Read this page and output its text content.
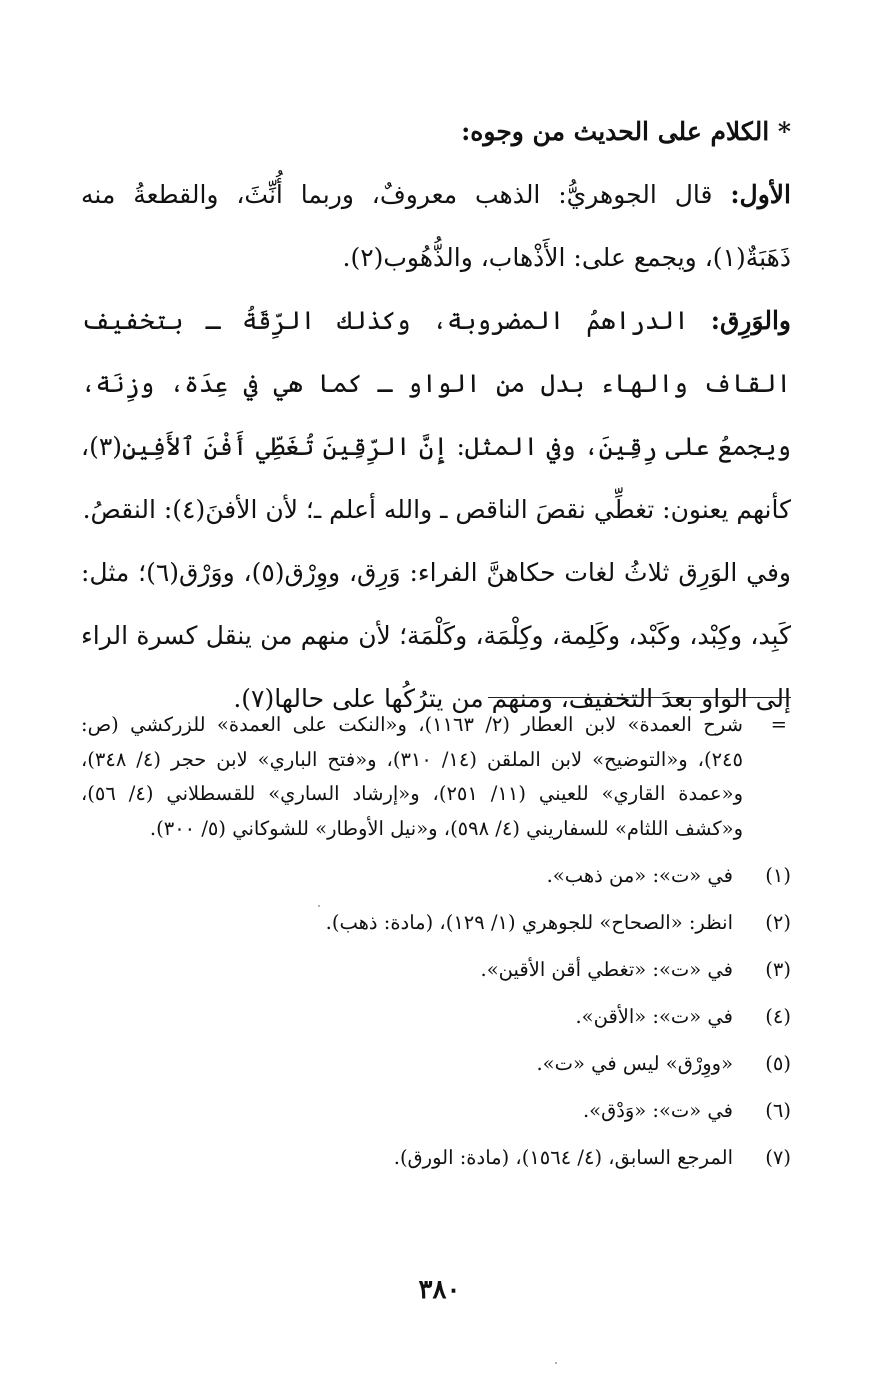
* الكلام على الحديث من وجوه:

الأول: قال الجوهريُّ: الذهب معروفٌ، وربما أُنِّثَ، والقطعةُ منه ذَهَبَةٌ(١)، ويجمع على: الأَذْهاب، والذُّهُوب(٢).

والوَرِق: الدراهمُ المضروبة، وكذلك الرِّقَةُ ـ بتخفيف القاف والهاء بدل من الواو ـ كما هي في عِدَة، وزِنَة، ويجمعُ على رِقِينَ، وفي المثل: إِنَّ الرِّقِينَ تُغَطِّي أَفْنَ ٱلأَفِينِ(٣)، كأنهم يعنون: تغطِّي نقصَ الناقص ـ والله أعلم ـ؛ لأن الأفنَ(٤): النقصُ.

وفي الوَرِق ثلاثُ لغات حكاهنَّ الفراء: وَرِق، ووِرْق(٥)، ووَرْق(٦)؛ مثل: كَبِد، وكِبْد، وكَبْد، وكَلِمة، وكِلْمَة، وكَلْمَة؛ لأن منهم من ينقل كسرة الراء إلى الواو بعدَ التخفيف، ومنهم من يترُكُها على حالها(٧).

=
شرح العمدة» لابن العطار (٢/ ١١٦٣)، و«النكت على العمدة» للزركشي (ص: ٢٤٥)، و«التوضيح» لابن الملقن (١٤/ ٣١٠)، و«فتح الباري» لابن حجر (٤/ ٣٤٨)، و«عمدة القاري» للعيني (١١/ ٢٥١)، و«إرشاد الساري» للقسطلاني (٤/ ٥٦)، و«كشف اللثام» للسفاريني (٤/ ٥٩٨)، و«نيل الأوطار» للشوكاني (٥/ ٣٠٠).

(١)
في «ت»: «من ذهب».

(٢)
انظر: «الصحاح» للجوهري (١/ ١٢٩)، (مادة: ذهب).

(٣)
في «ت»: «تغطي أقن الأقين».

(٤)
في «ت»: «الأقن».

(٥)
«ووِرْق» ليس في «ت».

(٦)
في «ت»: «وَدْق».

(٧)
المرجع السابق، (٤/ ١٥٦٤)، (مادة: الورق).

٣٨٠
